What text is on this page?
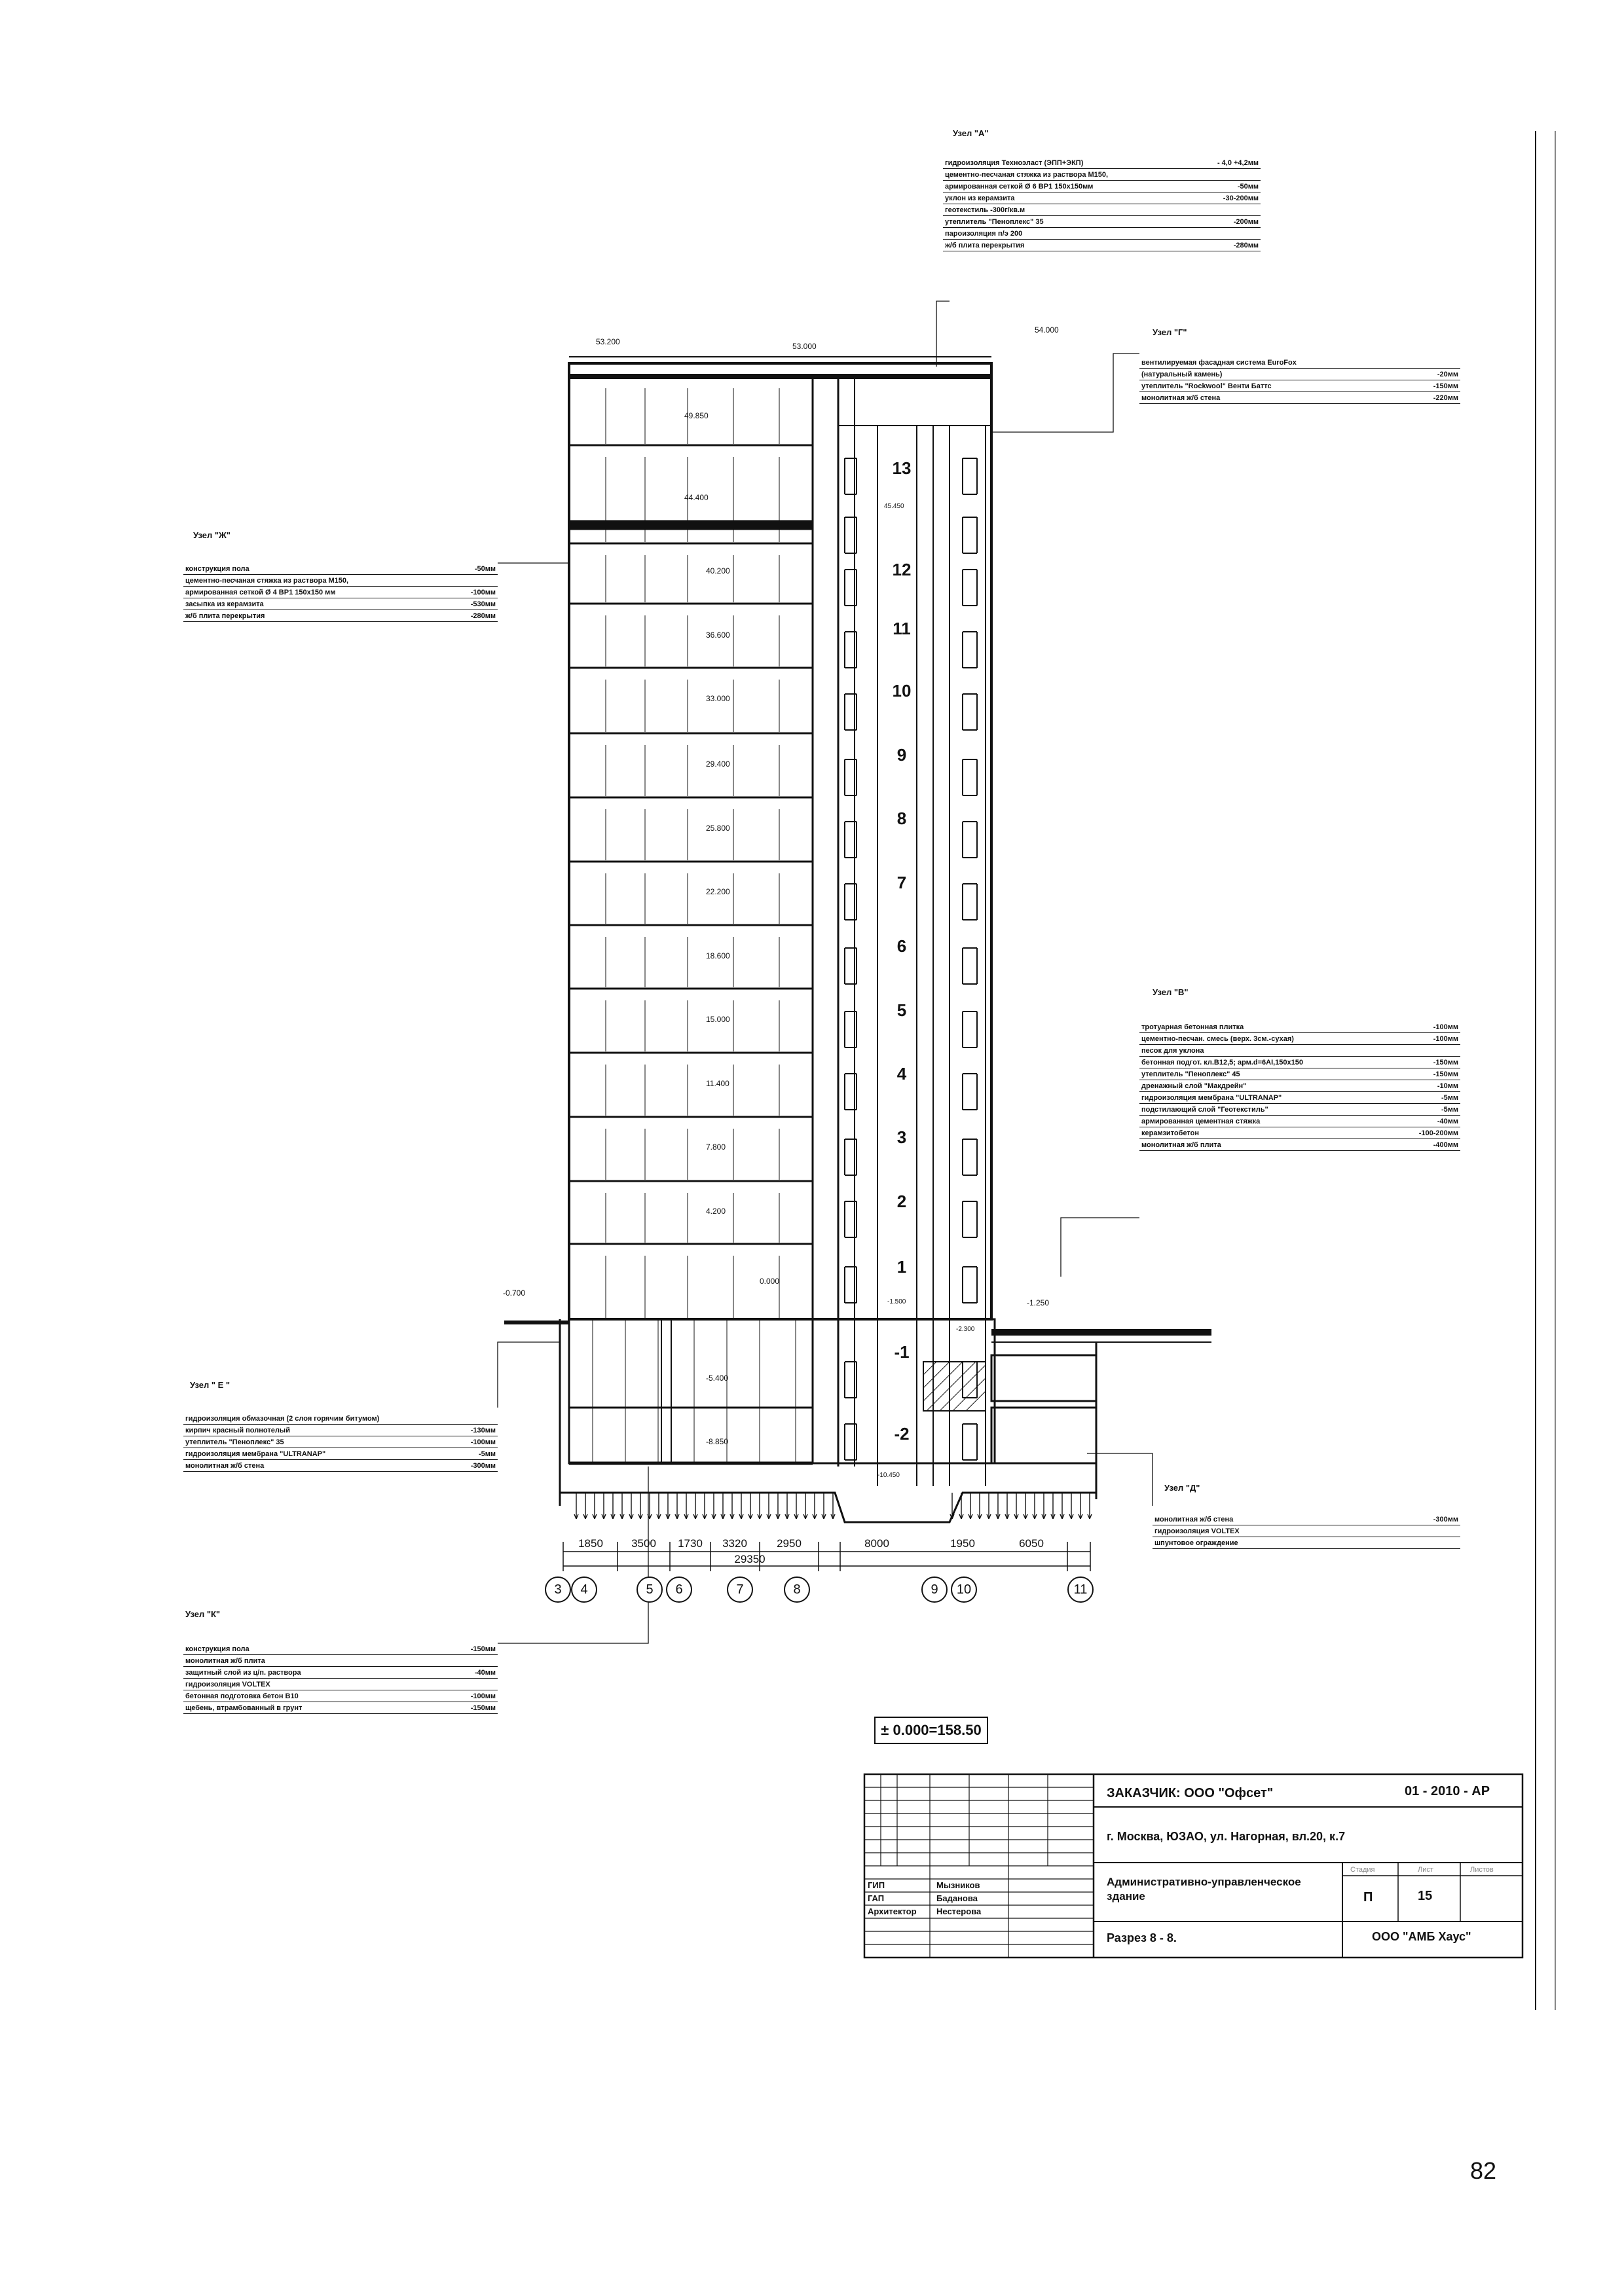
Узел "А"
гидроизоляция Техноэласт (ЭПП+ЭКП)	- 4,0 +4,2мм
цементно-песчаная стяжка из раствора М150,	
армированная сеткой Ø 6 ВР1 150х150мм	-50мм
уклон из керамзита	-30-200мм
геотекстиль -300г/кв.м	
утеплитель "Пеноплекс" 35	-200мм
пароизоляция п/э 200	
ж/б плита перекрытия	-280мм
Узел "Г"
вентилируемая фасадная система EuroFox	
(натуральный камень)	-20мм
утеплитель "Rockwool" Венти Баттс	-150мм
монолитная ж/б стена	-220мм
Узел "Ж"
конструкция пола	-50мм
цементно-песчаная стяжка из раствора М150,	
армированная сеткой Ø 4 ВР1 150х150 мм	-100мм
засыпка из керамзита	-530мм
ж/б плита перекрытия	-280мм
Узел "В"
тротуарная бетонная плитка	-100мм
цементно-песчан. смесь (верх. 3см.-сухая)	-100мм
песок для уклона	
бетонная подгот. кл.В12,5; арм.d=6AI,150х150	-150мм
утеплитель "Пеноплекс" 45	-150мм
дренажный слой "Макдрейн"	-10мм
гидроизоляция мембрана "ULTRANAP"	-5мм
подстилающий слой "Геотекстиль"	-5мм
армированная цементная стяжка	-40мм
керамзитобетон	-100-200мм
монолитная ж/б плита	-400мм
Узел " Е "
гидроизоляция обмазочная (2 слоя горячим битумом)	
кирпич красный полнотелый	-130мм
утеплитель "Пеноплекс" 35	-100мм
гидроизоляция мембрана "ULTRANAP"	-5мм
монолитная ж/б стена	-300мм
Узел "Д"
монолитная ж/б стена	-300мм
гидроизоляция VOLTEX	
шпунтовое ограждение	
Узел "К"
конструкция пола	-150мм
монолитная ж/б плита	
защитный слой из ц/п. раствора	-40мм
гидроизоляция VOLTEX	
бетонная подготовка бетон В10	-100мм
щебень, втрамбованный в грунт	-150мм
53.200	53.000
54.000
49.850
44.400
40.200
36.600
33.000
29.400
25.800
22.200
18.600
15.000
11.400
7.800
4.200
0.000
45.450
-1.500
-0.700
-1.250
-2.300
-5.400
-8.850
-10.450
13
12
11
10
9
8
7
6
5
4
3
2
1
-1
-2
1850	3500	1730	3320	2950	8000	1950	6050
29350
3	4	5	6	7	8	9	10	11
± 0.000=158.50
ЗАКАЗЧИК: ООО "Офсет"	01 - 2010 - АР
г. Москва, ЮЗАО, ул. Нагорная, вл.20, к.7
Административно-управленческое
здание
Стадия	Лист	Листов
П	15
Разрез 8 - 8.	ООО "АМБ Хаус"
ГИП	Мызников
ГАП	Баданова
Архитектор Нестерова
82
